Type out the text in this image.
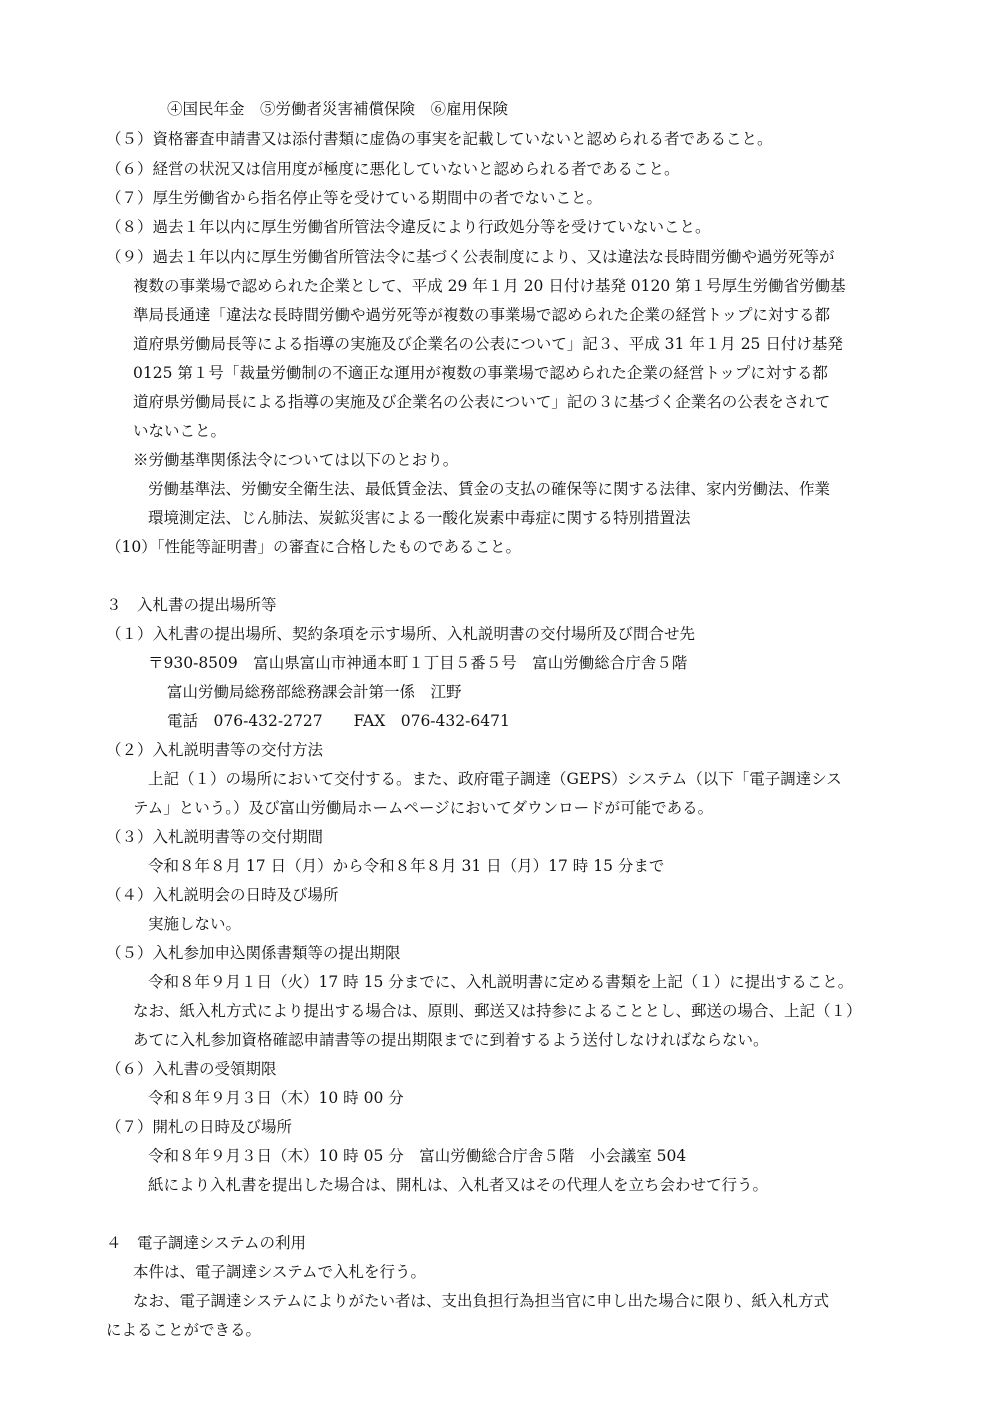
④国民年金　⑤労働者災害補償保険　⑥雇用保険
（５）資格審査申請書又は添付書類に虚偽の事実を記載していないと認められる者であること。
（６）経営の状況又は信用度が極度に悪化していないと認められる者であること。
（７）厚生労働省から指名停止等を受けている期間中の者でないこと。
（８）過去１年以内に厚生労働省所管法令違反により行政処分等を受けていないこと。
（９）過去１年以内に厚生労働省所管法令に基づく公表制度により、又は違法な長時間労働や過労死等が
複数の事業場で認められた企業として、平成 29 年１月 20 日付け基発 0120 第１号厚生労働省労働基
準局長通達「違法な長時間労働や過労死等が複数の事業場で認められた企業の経営トップに対する都
道府県労働局長等による指導の実施及び企業名の公表について」記３、平成 31 年１月 25 日付け基発
0125 第１号「裁量労働制の不適正な運用が複数の事業場で認められた企業の経営トップに対する都
道府県労働局長による指導の実施及び企業名の公表について」記の３に基づく企業名の公表をされて
いないこと。
※労働基準関係法令については以下のとおり。
労働基準法、労働安全衛生法、最低賃金法、賃金の支払の確保等に関する法律、家内労働法、作業
環境測定法、じん肺法、炭鉱災害による一酸化炭素中毒症に関する特別措置法
（10）「性能等証明書」の審査に合格したものであること。
３　入札書の提出場所等
（１）入札書の提出場所、契約条項を示す場所、入札説明書の交付場所及び問合せ先
〒930-8509　富山県富山市神通本町１丁目５番５号　富山労働総合庁舎５階
富山労働局総務部総務課会計第一係　江野
電話　076-432-2727　　FAX　076-432-6471
（２）入札説明書等の交付方法
上記（１）の場所において交付する。また、政府電子調達（GEPS）システム（以下「電子調達シス
テム」という。）及び富山労働局ホームページにおいてダウンロードが可能である。
（３）入札説明書等の交付期間
令和８年８月 17 日（月）から令和８年８月 31 日（月）17 時 15 分まで
（４）入札説明会の日時及び場所
実施しない。
（５）入札参加申込関係書類等の提出期限
令和８年９月１日（火）17 時 15 分までに、入札説明書に定める書類を上記（１）に提出すること。
なお、紙入札方式により提出する場合は、原則、郵送又は持参によることとし、郵送の場合、上記（１）
あてに入札参加資格確認申請書等の提出期限までに到着するよう送付しなければならない。
（６）入札書の受領期限
令和８年９月３日（木）10 時 00 分
（７）開札の日時及び場所
令和８年９月３日（木）10 時 05 分　富山労働総合庁舎５階　小会議室 504
紙により入札書を提出した場合は、開札は、入札者又はその代理人を立ち会わせて行う。
４　電子調達システムの利用
本件は、電子調達システムで入札を行う。
なお、電子調達システムによりがたい者は、支出負担行為担当官に申し出た場合に限り、紙入札方式
によることができる。
